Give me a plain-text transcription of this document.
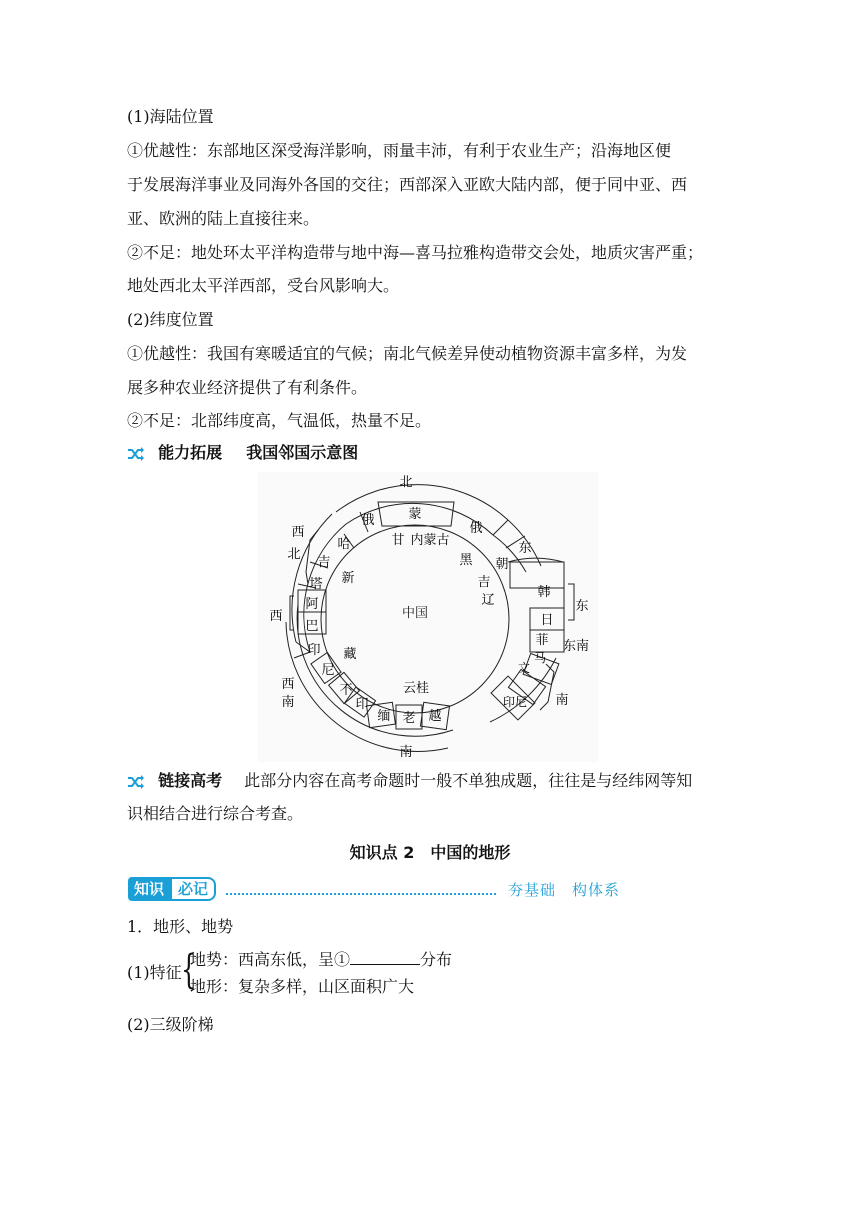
(1)海陆位置
①优越性：东部地区深受海洋影响，雨量丰沛，有利于农业生产；沿海地区便
于发展海洋事业及同海外各国的交往；西部深入亚欧大陆内部，便于同中亚、西
亚、欧洲的陆上直接往来。
②不足：地处环太平洋构造带与地中海—喜马拉雅构造带交会处，地质灾害严重；
地处西北太平洋西部，受台风影响大。
(2)纬度位置
①优越性：我国有寒暖适宜的气候；南北气候差异使动植物资源丰富多样，为发
展多种农业经济提供了有利条件。
②不足：北部纬度高，气温低，热量不足。
能力拓展 我国邻国示意图
中国
北
南
东
西
西
北
西
南
东
东南
南
蒙
俄
俄
朝
韩
日
菲
马
文
印尼
哈
吉
塔
阿
巴
印
尼
不
印
缅 老 越
甘 内蒙古
黑
吉
辽
新
藏
云桂
链接高考 此部分内容在高考命题时一般不单独成题，往往是与经纬网等知
识相结合进行综合考查。
知识点 2　中国的地形
知识 必记	夯基础　构体系
1．地形、地势
(1)特征 {
地势：西高东低，呈①	分布
地形：复杂多样，山区面积广大
(2)三级阶梯
